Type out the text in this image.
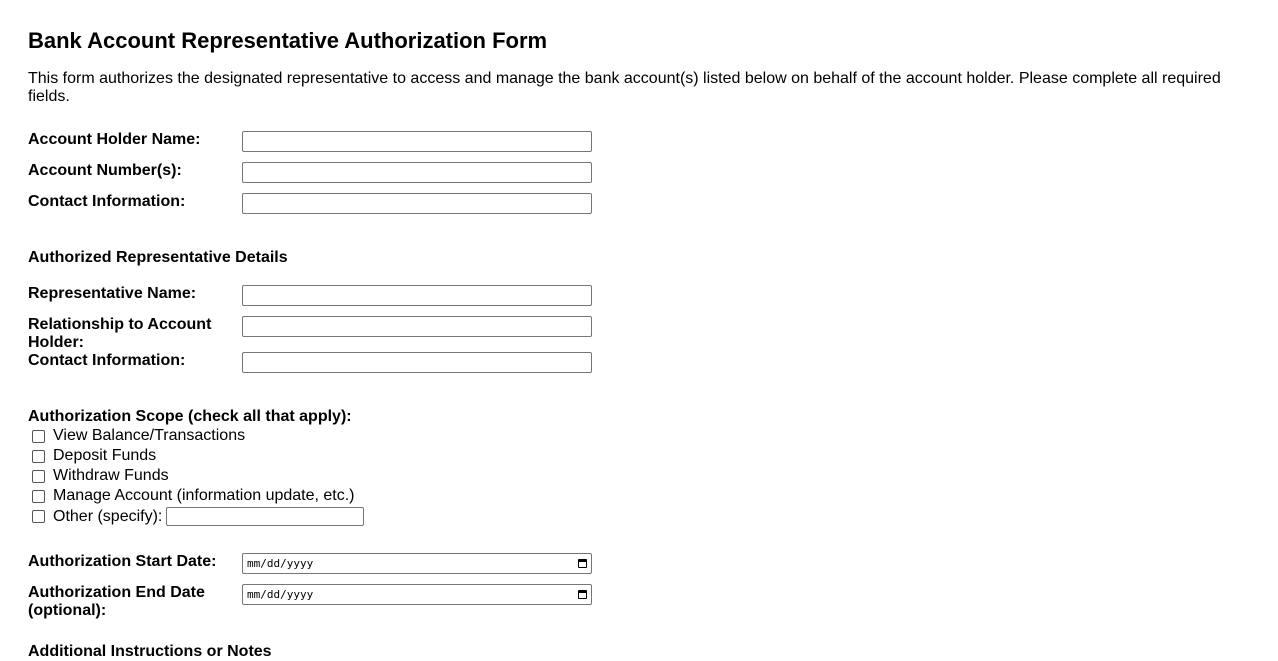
Bank Account Representative Authorization Form

This form authorizes the designated representative to access and manage the bank account(s) listed below on behalf of the account holder. Please complete all required fields.

Account Holder Name:
Account Number(s):
Contact Information:
Authorized Representative Details
Representative Name:
Relationship to Account Holder:
Contact Information:
Authorization Scope (check all that apply):
View Balance/Transactions
Deposit Funds
Withdraw Funds
Manage Account (information update, etc.)
Other (specify):
Authorization Start Date:	mm/dd/yyyy
Authorization End Date (optional):
mm/dd/yyyy
Additional Instructions or Notes
